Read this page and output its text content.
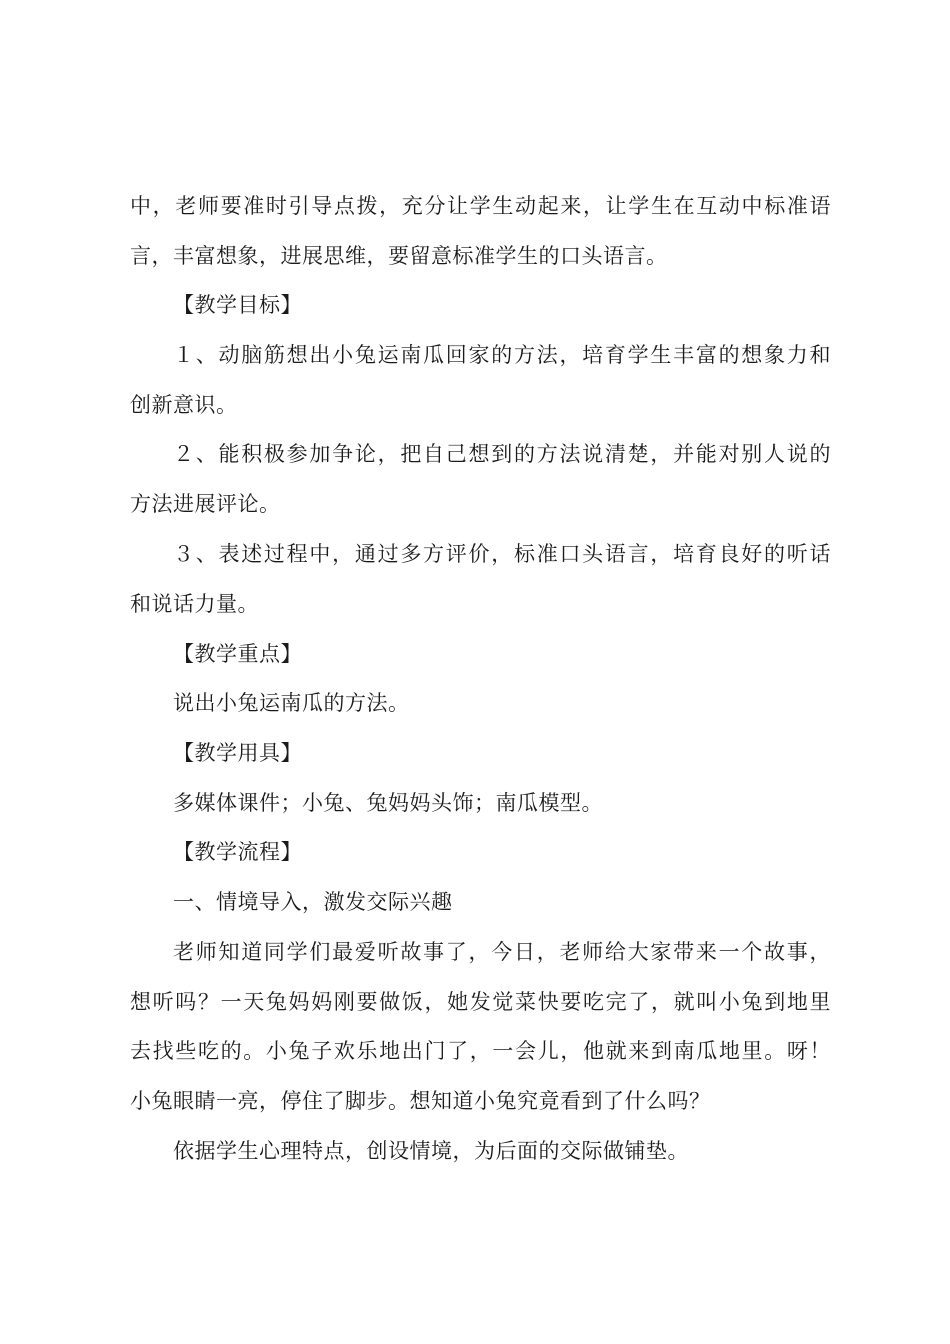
中，老师要准时引导点拨，充分让学生动起来，让学生在互动中标准语
言，丰富想象，进展思维，要留意标准学生的口头语言。
【教学目标】
１、动脑筋想出小兔运南瓜回家的方法，培育学生丰富的想象力和
创新意识。
２、能积极参加争论，把自己想到的方法说清楚，并能对别人说的
方法进展评论。
３、表述过程中，通过多方评价，标准口头语言，培育良好的听话
和说话力量。
【教学重点】
说出小兔运南瓜的方法。
【教学用具】
多媒体课件；小兔、兔妈妈头饰；南瓜模型。
【教学流程】
一、情境导入，激发交际兴趣
老师知道同学们最爱听故事了，今日，老师给大家带来一个故事，
想听吗？一天兔妈妈刚要做饭，她发觉菜快要吃完了，就叫小兔到地里
去找些吃的。小兔子欢乐地出门了，一会儿，他就来到南瓜地里。呀！
小兔眼睛一亮，停住了脚步。想知道小兔究竟看到了什么吗？
依据学生心理特点，创设情境，为后面的交际做铺垫。
